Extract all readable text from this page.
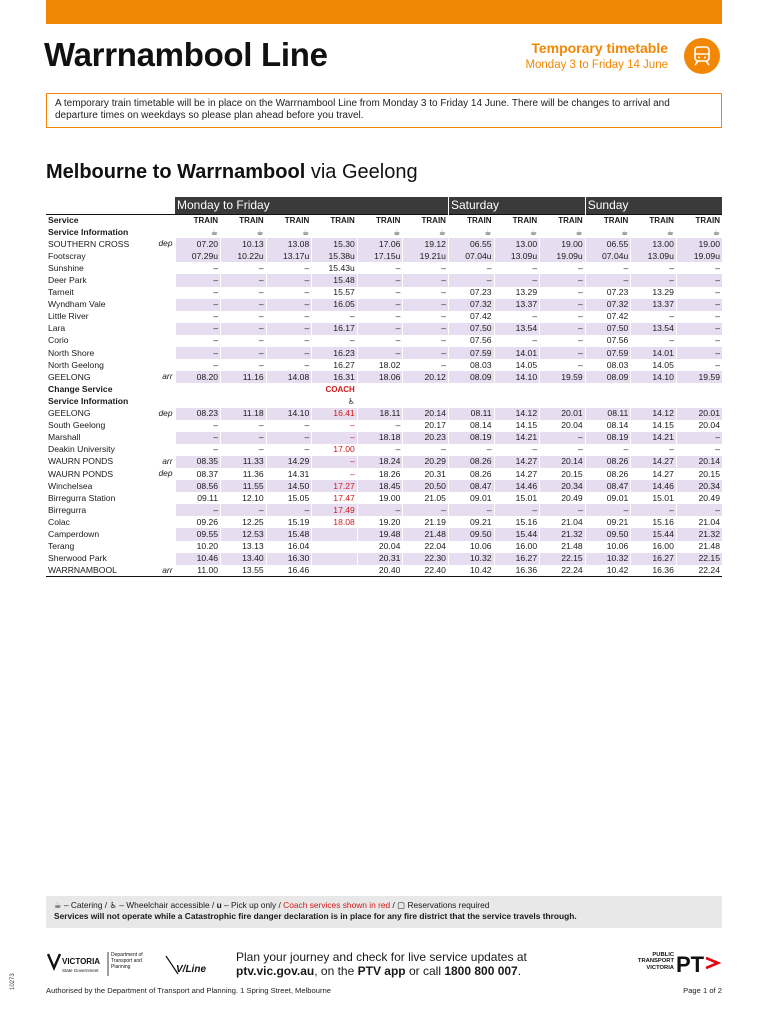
Warrnambool Line	Temporary timetable
Monday 3 to Friday 14 June
A temporary train timetable will be in place on the Warrnambool Line from Monday 3 to Friday 14 June. There will be changes to arrival and departure times on weekdays so please plan ahead before you travel.
Melbourne to Warrnambool via Geelong
	Monday to Friday						Saturday			Sunday		
Service	TRAIN	TRAIN	TRAIN	TRAIN	TRAIN	TRAIN	TRAIN	TRAIN	TRAIN	TRAIN	TRAIN	TRAIN
Service Information	☕	☕	☕		☕	☕	☕	☕	☕	☕	☕	☕
SOUTHERN CROSS dep	07.20	10.13	13.08	15.30	17.06	19.12	06.55	13.00	19.00	06.55	13.00	19.00
Footscray	07.29u	10.22u	13.17u	15.38u	17.15u	19.21u	07.04u	13.09u	19.09u	07.04u	13.09u	19.09u
Sunshine	–	–	–	15.43u	–	–	–	–	–	–	–	–
Deer Park	–	–	–	15.48	–	–	–	–	–	–	–	–
Tarneit	–	–	–	15.57	–	–	07.23	13.29	–	07.23	13.29	–
Wyndham Vale	–	–	–	16.05	–	–	07.32	13.37	–	07.32	13.37	–
Little River	–	–	–	–	–	–	07.42	–	–	07.42	–	–
Lara	–	–	–	16.17	–	–	07.50	13.54	–	07.50	13.54	–
Corio	–	–	–	–	–	–	07.56	–	–	07.56	–	–
North Shore	–	–	–	16.23	–	–	07.59	14.01	–	07.59	14.01	–
North Geelong	–	–	–	16.27	18.02	–	08.03	14.05	–	08.03	14.05	–
GEELONG arr	08.20	11.16	14.08	16.31	18.06	20.12	08.09	14.10	19.59	08.09	14.10	19.59
Change Service				COACH								
Service Information				♿								
GEELONG dep	08.23	11.18	14.10	16.41	18.11	20.14	08.11	14.12	20.01	08.11	14.12	20.01
South Geelong	–	–	–	–	–	20.17	08.14	14.15	20.04	08.14	14.15	20.04
Marshall	–	–	–	–	18.18	20.23	08.19	14.21	–	08.19	14.21	–
Deakin University	–	–	–	17.00	–	–	–	–	–	–	–	–
WAURN PONDS arr	08.35	11.33	14.29	–	18.24	20.29	08.26	14.27	20.14	08.26	14.27	20.14
WAURN PONDS dep	08.37	11.36	14.31	–	18.26	20.31	08.26	14.27	20.15	08.26	14.27	20.15
Winchelsea	08.56	11.55	14.50	17.27	18.45	20.50	08.47	14.46	20.34	08.47	14.46	20.34
Birregurra Station	09.11	12.10	15.05	17.47	19.00	21.05	09.01	15.01	20.49	09.01	15.01	20.49
Birregurra	–	–	–	17.49	–	–	–	–	–	–	–	–
Colac	09.26	12.25	15.19	18.08	19.20	21.19	09.21	15.16	21.04	09.21	15.16	21.04
Camperdown	09.55	12.53	15.48		19.48	21.48	09.50	15.44	21.32	09.50	15.44	21.32
Terang	10.20	13.13	16.04		20.04	22.04	10.06	16.00	21.48	10.06	16.00	21.48
Sherwood Park	10.46	13.40	16.30		20.31	22.30	10.32	16.27	22.15	10.32	16.27	22.15
WARRNAMBOOL arr	11.00	13.55	16.46		20.40	22.40	10.42	16.36	22.24	10.42	16.36	22.24
☕ – Catering / ♿ – Wheelchair accessible / u – Pick up only / Coach services shown in red / ▢ Reservations required
Services will not operate while a Catastrophic fire danger declaration is in place for any fire district that the service travels through.
VICTORIA
State Government
Department of Transport and Planning	V/Line
Plan your journey and check for live service updates at
ptv.vic.gov.au, on the PTV app or call 1800 800 007.
PUBLIC TRANSPORT VICTORIA PT
Authorised by the Department of Transport and Planning. 1 Spring Street, Melbourne	Page 1 of 2
10273
